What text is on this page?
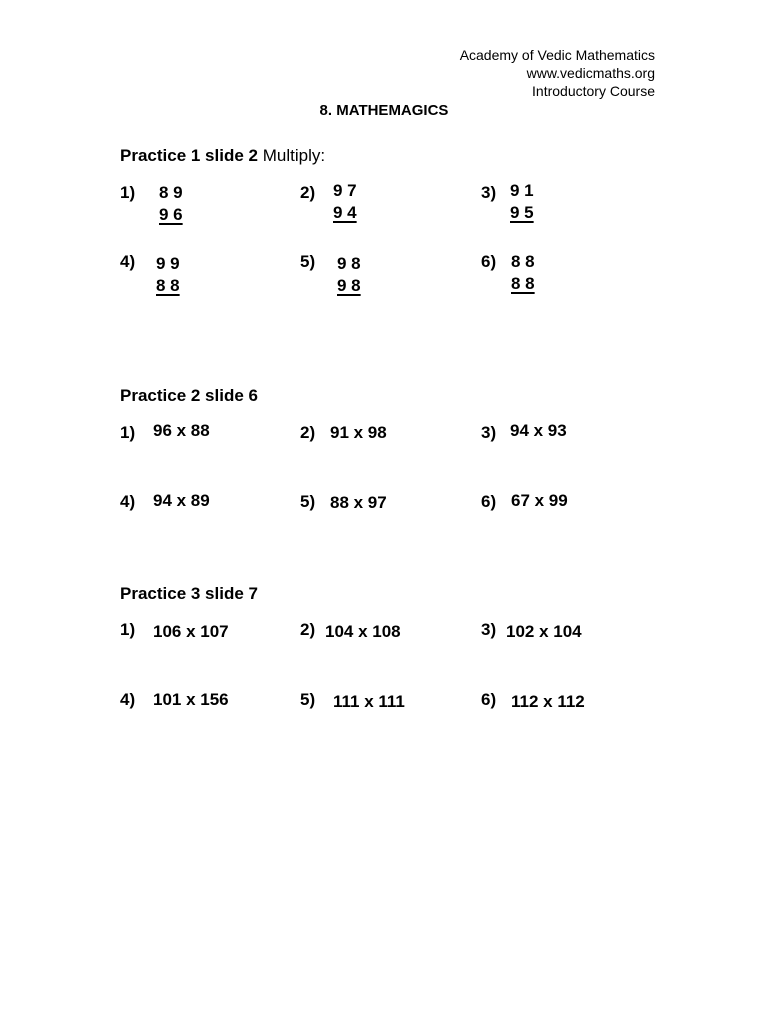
Academy of Vedic Mathematics
www.vedicmaths.org
Introductory Course
8. MATHEMAGICS
Practice 1 slide 2 Multiply:
1) 8 9
9 6
2) 9 7
9 4
3) 9 1
9 5
4) 9 9
8 8
5) 9 8
9 8
6) 8 8
8 8
Practice 2 slide 6
1) 96 x 88	2) 91 x 98	3) 94 x 93
4) 94 x 89	5) 88 x 97	6) 67 x 99
Practice 3 slide 7
1) 106 x 107	2) 104 x 108	3) 102 x 104
4) 101 x 156	5) 111 x 111	6) 112 x 112
